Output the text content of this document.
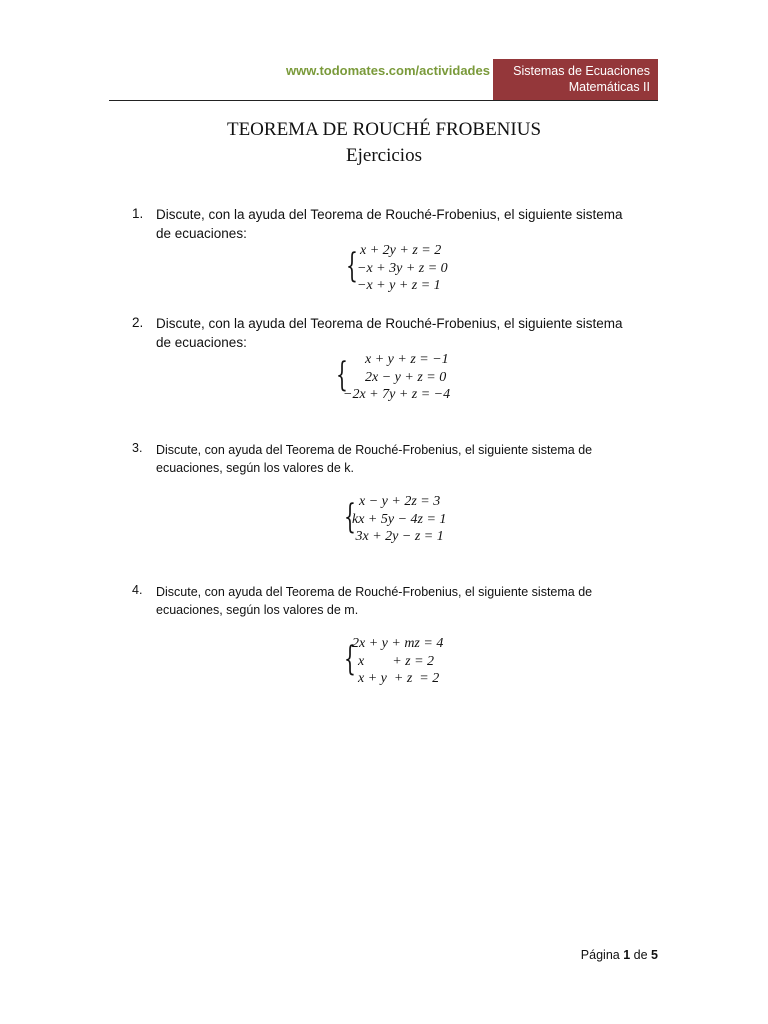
www.todomates.com/actividades	Sistemas de Ecuaciones
Matemáticas II
TEOREMA DE ROUCHÉ FROBENIUS
Ejercicios
1. Discute, con la ayuda del Teorema de Rouché-Frobenius, el siguiente sistema
de ecuaciones:
{ x + 2y + z = 2
−x + 3y + z = 0
−x + y + z = 1
2. Discute, con la ayuda del Teorema de Rouché-Frobenius, el siguiente sistema
de ecuaciones:
{ x + y + z = −1
2x − y + z = 0
−2x + 7y + z = −4
3. Discute, con ayuda del Teorema de Rouché-Frobenius, el siguiente sistema de
ecuaciones, según los valores de k.
{
x − y + 2z = 3
kx + 5y − 4z = 1
3x + 2y − z = 1
4. Discute, con ayuda del Teorema de Rouché-Frobenius, el siguiente sistema de
ecuaciones, según los valores de m.
{
2x + y + mz = 4
x        + z = 2
x + y  + z  = 2
Página 1 de 5
